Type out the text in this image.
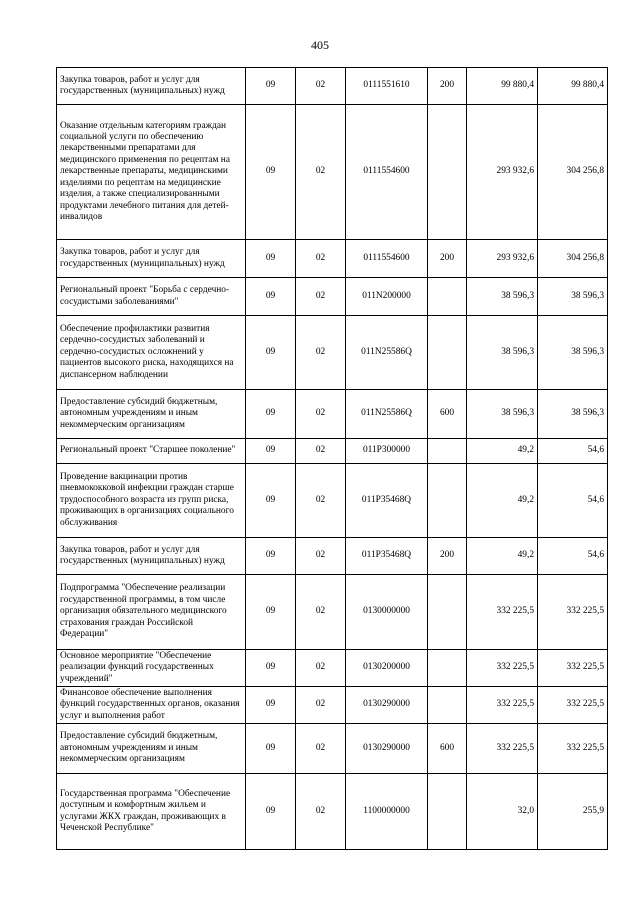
405
Закупка товаров, работ и услуг для государственных (муниципальных) нужд	09	02	0111551610	200	99 880,4	99 880,4
Оказание отдельным категориям граждан социальной услуги по обеспечению лекарственными препаратами для медицинского применения по рецептам на лекарственные препараты, медицинскими изделиями по рецептам на медицинские изделия, а также специализированными продуктами лечебного питания для детей-инвалидов	09	02	0111554600		293 932,6	304 256,8
Закупка товаров, работ и услуг для государственных (муниципальных) нужд	09	02	0111554600	200	293 932,6	304 256,8
Региональный проект "Борьба с сердечно-сосудистыми заболеваниями"	09	02	011N200000		38 596,3	38 596,3
Обеспечение профилактики развития сердечно-сосудистых заболеваний и сердечно-сосудистых осложнений у пациентов высокого риска, находящихся на диспансерном наблюдении	09	02	011N25586Q		38 596,3	38 596,3
Предоставление субсидий бюджетным, автономным учреждениям и иным некоммерческим организациям	09	02	011N25586Q	600	38 596,3	38 596,3
Региональный проект "Старшее поколение"	09	02	011P300000		49,2	54,6
Проведение вакцинации против пневмококковой инфекции граждан старше трудоспособного возраста из групп риска, проживающих в организациях социального обслуживания	09	02	011P35468Q		49,2	54,6
Закупка товаров, работ и услуг для государственных (муниципальных) нужд	09	02	011P35468Q	200	49,2	54,6
Подпрограмма "Обеспечение реализации государственной программы, в том числе организация обязательного медицинского страхования граждан Российской Федерации"	09	02	0130000000		332 225,5	332 225,5
Основное мероприятие "Обеспечение реализации функций государственных учреждений"	09	02	0130200000		332 225,5	332 225,5
Финансовое обеспечение выполнения функций государственных органов, оказания услуг и выполнения работ	09	02	0130290000		332 225,5	332 225,5
Предоставление субсидий бюджетным, автономным учреждениям и иным некоммерческим организациям	09	02	0130290000	600	332 225,5	332 225,5
Государственная программа "Обеспечение доступным и комфортным жильем и услугами ЖКХ граждан, проживающих в Чеченской Республике"	09	02	1100000000		32,0	255,9
